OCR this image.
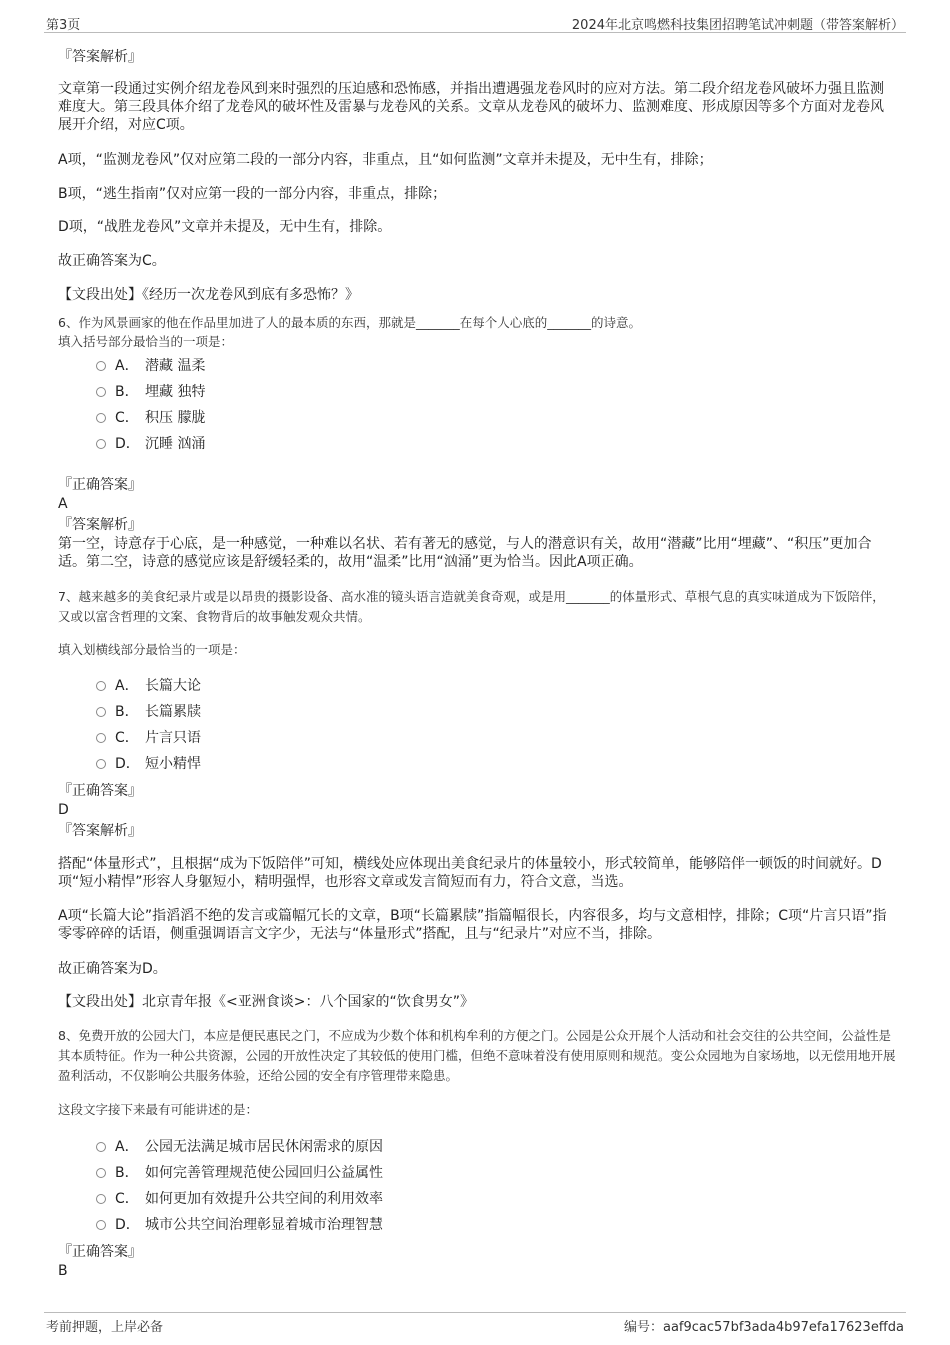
第3页	2024年北京鸣燃科技集团招聘笔试冲刺题（带答案解析）

『答案解析』

文章第一段通过实例介绍龙卷风到来时强烈的压迫感和恐怖感，并指出遭遇强龙卷风时的应对方法。第二段介绍龙卷风破坏力强且监测难度大。第三段具体介绍了龙卷风的破坏性及雷暴与龙卷风的关系。文章从龙卷风的破坏力、监测难度、形成原因等多个方面对龙卷风展开介绍，对应C项。

A项，“监测龙卷风”仅对应第二段的一部分内容，非重点，且“如何监测”文章并未提及，无中生有，排除；

B项，“逃生指南”仅对应第一段的一部分内容，非重点，排除；

D项，“战胜龙卷风”文章并未提及，无中生有，排除。

故正确答案为C。

【文段出处】《经历一次龙卷风到底有多恐怖？》

6、作为风景画家的他在作品里加进了人的最本质的东西，那就是_______在每个人心底的_______的诗意。

填入括号部分最恰当的一项是：

A． 潜藏 温柔
B． 埋藏 独特
C． 积压 朦胧
D． 沉睡 汹涌

『正确答案』

A

『答案解析』

第一空，诗意存于心底，是一种感觉，一种难以名状、若有著无的感觉，与人的潜意识有关，故用“潜藏”比用“埋藏”、“积压”更加合适。第二空，诗意的感觉应该是舒缓轻柔的，故用“温柔”比用“汹涌”更为恰当。因此A项正确。

7、越来越多的美食纪录片或是以昂贵的摄影设备、高水准的镜头语言造就美食奇观，或是用_______的体量形式、草根气息的真实味道成为下饭陪伴，又或以富含哲理的文案、食物背后的故事触发观众共情。

填入划横线部分最恰当的一项是：

A． 长篇大论
B． 长篇累牍
C． 片言只语
D． 短小精悍

『正确答案』

D

『答案解析』

搭配“体量形式”，且根据“成为下饭陪伴”可知，横线处应体现出美食纪录片的体量较小，形式较简单，能够陪伴一顿饭的时间就好。D项“短小精悍”形容人身躯短小，精明强悍，也形容文章或发言简短而有力，符合文意，当选。

A项“长篇大论”指滔滔不绝的发言或篇幅冗长的文章，B项“长篇累牍”指篇幅很长，内容很多，均与文意相悖，排除；C项“片言只语”指零零碎碎的话语，侧重强调语言文字少，无法与“体量形式”搭配，且与“纪录片”对应不当，排除。

故正确答案为D。

【文段出处】北京青年报《<亚洲食谈>：八个国家的“饮食男女”》

8、免费开放的公园大门，本应是便民惠民之门，不应成为少数个体和机构牟利的方便之门。公园是公众开展个人活动和社会交往的公共空间，公益性是其本质特征。作为一种公共资源，公园的开放性决定了其较低的使用门槛，但绝不意味着没有使用原则和规范。变公众园地为自家场地，以无偿用地开展盈利活动，不仅影响公共服务体验，还给公园的安全有序管理带来隐患。

这段文字接下来最有可能讲述的是：

A． 公园无法满足城市居民休闲需求的原因
B． 如何完善管理规范使公园回归公益属性
C． 如何更加有效提升公共空间的利用效率
D． 城市公共空间治理彰显着城市治理智慧

『正确答案』

B

考前押题，上岸必备	编号：aaf9cac57bf3ada4b97efa17623effda
